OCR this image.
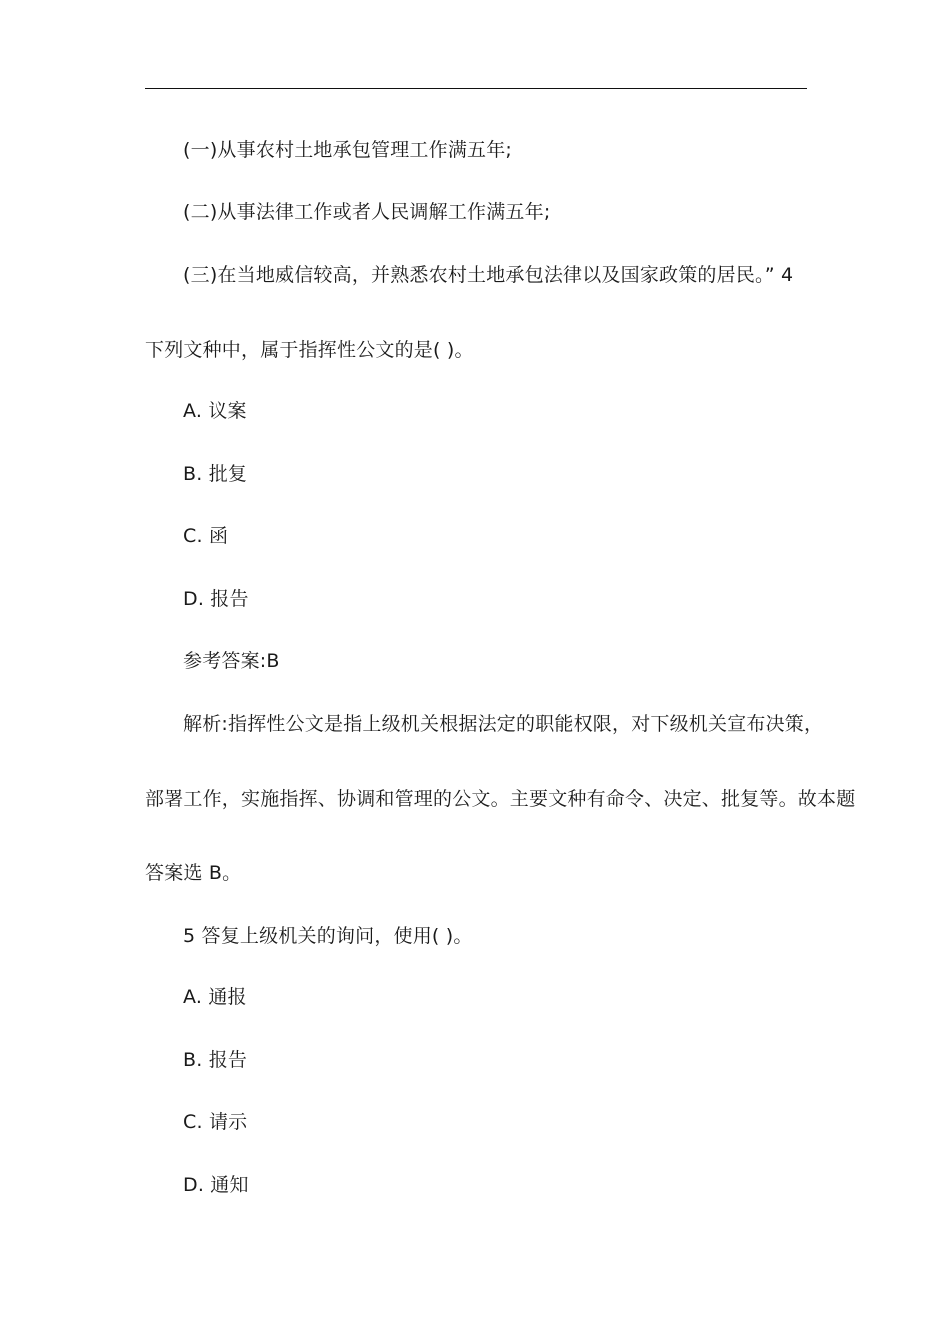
(一)从事农村土地承包管理工作满五年;
(二)从事法律工作或者人民调解工作满五年;
(三)在当地威信较高，并熟悉农村土地承包法律以及国家政策的居民。” 4
下列文种中，属于指挥性公文的是( )。
A. 议案
B. 批复
C. 函
D. 报告
参考答案:B
解析:指挥性公文是指上级机关根据法定的职能权限，对下级机关宣布决策，
部署工作，实施指挥、协调和管理的公文。主要文种有命令、决定、批复等。故本题
答案选 B。
5 答复上级机关的询问，使用( )。
A. 通报
B. 报告
C. 请示
D. 通知
